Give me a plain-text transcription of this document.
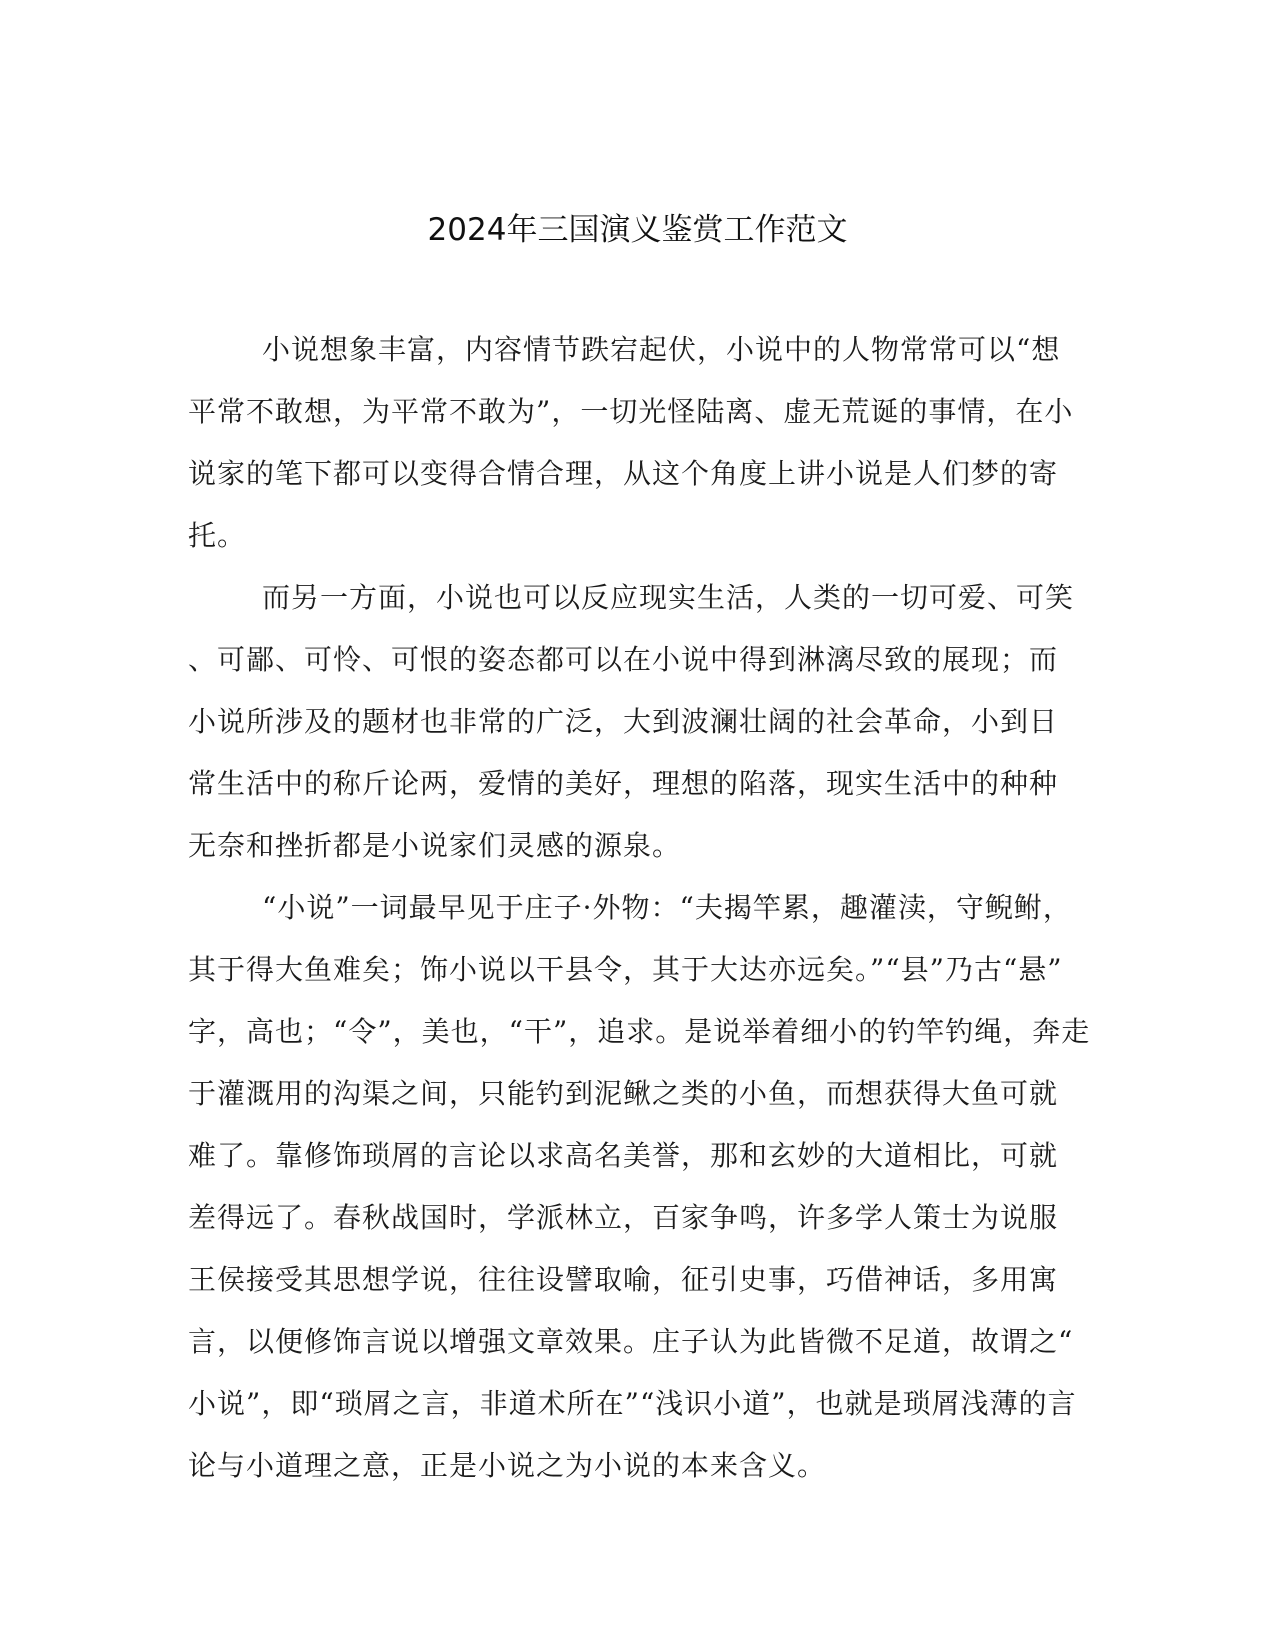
2024年三国演义鉴赏工作范文
小说想象丰富，内容情节跌宕起伏，小说中的人物常常可以“想
平常不敢想，为平常不敢为”，一切光怪陆离、虚无荒诞的事情，在小
说家的笔下都可以变得合情合理，从这个角度上讲小说是人们梦的寄
托。
而另一方面，小说也可以反应现实生活，人类的一切可爱、可笑
、可鄙、可怜、可恨的姿态都可以在小说中得到淋漓尽致的展现；而
小说所涉及的题材也非常的广泛，大到波澜壮阔的社会革命，小到日
常生活中的称斤论两，爱情的美好，理想的陷落，现实生活中的种种
无奈和挫折都是小说家们灵感的源泉。
“小说”一词最早见于庄子·外物：“夫揭竿累，趣灌渎，守鲵鲋，
其于得大鱼难矣；饰小说以干县令，其于大达亦远矣。”“县”乃古“悬”
字，高也；“令”，美也，“干”，追求。是说举着细小的钓竿钓绳，奔走
于灌溉用的沟渠之间，只能钓到泥鳅之类的小鱼，而想获得大鱼可就
难了。靠修饰琐屑的言论以求高名美誉，那和玄妙的大道相比，可就
差得远了。春秋战国时，学派林立，百家争鸣，许多学人策士为说服
王侯接受其思想学说，往往设譬取喻，征引史事，巧借神话，多用寓
言，以便修饰言说以增强文章效果。庄子认为此皆微不足道，故谓之“
小说”，即“琐屑之言，非道术所在”“浅识小道”，也就是琐屑浅薄的言
论与小道理之意，正是小说之为小说的本来含义。
